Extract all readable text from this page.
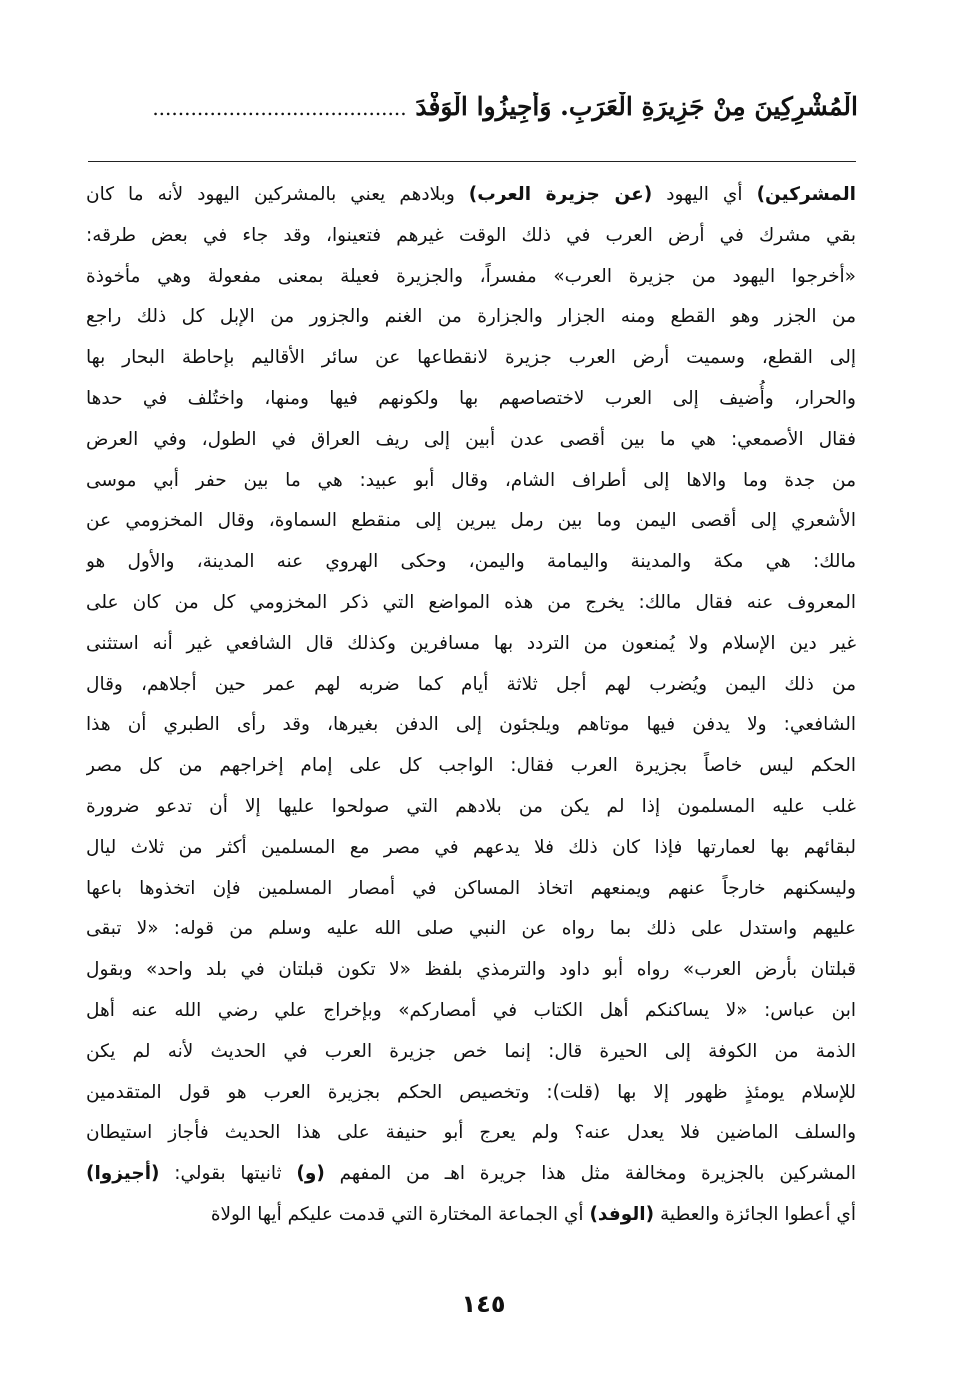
الْمُشْرِكِينَ مِنْ جَزِيرَةِ الْعَرَبِ. وَأَجِيزُوا الْوَفْدَ ........................................
المشركين) أي اليهود (عن جزيرة العرب) وبلادهم يعني بالمشركين اليهود لأنه ما كان
بقي مشرك في أرض العرب في ذلك الوقت غيرهم فتعينوا، وقد جاء في بعض طرقه:
«أخرجوا اليهود من جزيرة العرب» مفسراً، والجزيرة فعيلة بمعنى مفعولة وهي مأخوذة
من الجزر وهو القطع ومنه الجزار والجزارة من الغنم والجزور من الإبل كل ذلك راجع
إلى القطع، وسميت أرض العرب جزيرة لانقطاعها عن سائر الأقاليم بإحاطة البحار بها
والحرار، وأُضيف إلى العرب لاختصاصهم بها ولكونهم فيها ومنها، واختُلف في حدها
فقال الأصمعي: هي ما بين أقصى عدن أبين إلى ريف العراق في الطول، وفي العرض
من جدة وما والاها إلى أطراف الشام، وقال أبو عبيد: هي ما بين حفر أبي موسى
الأشعري إلى أقصى اليمن وما بين رمل يبرين إلى منقطع السماوة، وقال المخزومي عن
مالك: هي مكة والمدينة واليمامة واليمن، وحكى الهروي عنه المدينة، والأول هو
المعروف عنه فقال مالك: يخرج من هذه المواضع التي ذكر المخزومي كل من كان على
غير دين الإسلام ولا يُمنعون من التردد بها مسافرين وكذلك قال الشافعي غير أنه استثنى
من ذلك اليمن ويُضرب لهم أجل ثلاثة أيام كما ضربه لهم عمر حين أجلاهم، وقال
الشافعي: ولا يدفن فيها موتاهم ويلجئون إلى الدفن بغيرها، وقد رأى الطبري أن هذا
الحكم ليس خاصاً بجزيرة العرب فقال: الواجب كل على إمام إخراجهم من كل مصر
غلب عليه المسلمون إذا لم يكن من بلادهم التي صولحوا عليها إلا أن تدعو ضرورة
لبقائهم بها لعمارتها فإذا كان ذلك فلا يدعهم في مصر مع المسلمين أكثر من ثلاث ليال
وليسكنهم خارجاً عنهم ويمنعهم اتخاذ المساكن في أمصار المسلمين فإن اتخذوها باعها
عليهم واستدل على ذلك بما رواه عن النبي صلى الله عليه وسلم من قوله: «لا تبقى
قبلتان بأرض العرب» رواه أبو داود والترمذي بلفظ «لا تكون قبلتان في بلد واحد» وبقول
ابن عباس: «لا يساكنكم أهل الكتاب في أمصاركم» وبإخراج علي رضي الله عنه أهل
الذمة من الكوفة إلى الحيرة قال: إنما خص جزيرة العرب في الحديث لأنه لم يكن
للإسلام يومئذٍ ظهور إلا بها (قلت): وتخصيص الحكم بجزيرة العرب هو قول المتقدمين
والسلف الماضين فلا يعدل عنه؟ ولم يعرج أبو حنيفة على هذا الحديث فأجاز استيطان
المشركين بالجزيرة ومخالفة مثل هذا جريرة اهـ من المفهم (و) ثانيتها بقولي: (أجيزوا)
أي أعطوا الجائزة والعطية (الوفد) أي الجماعة المختارة التي قدمت عليكم أيها الولاة
١٤٥
